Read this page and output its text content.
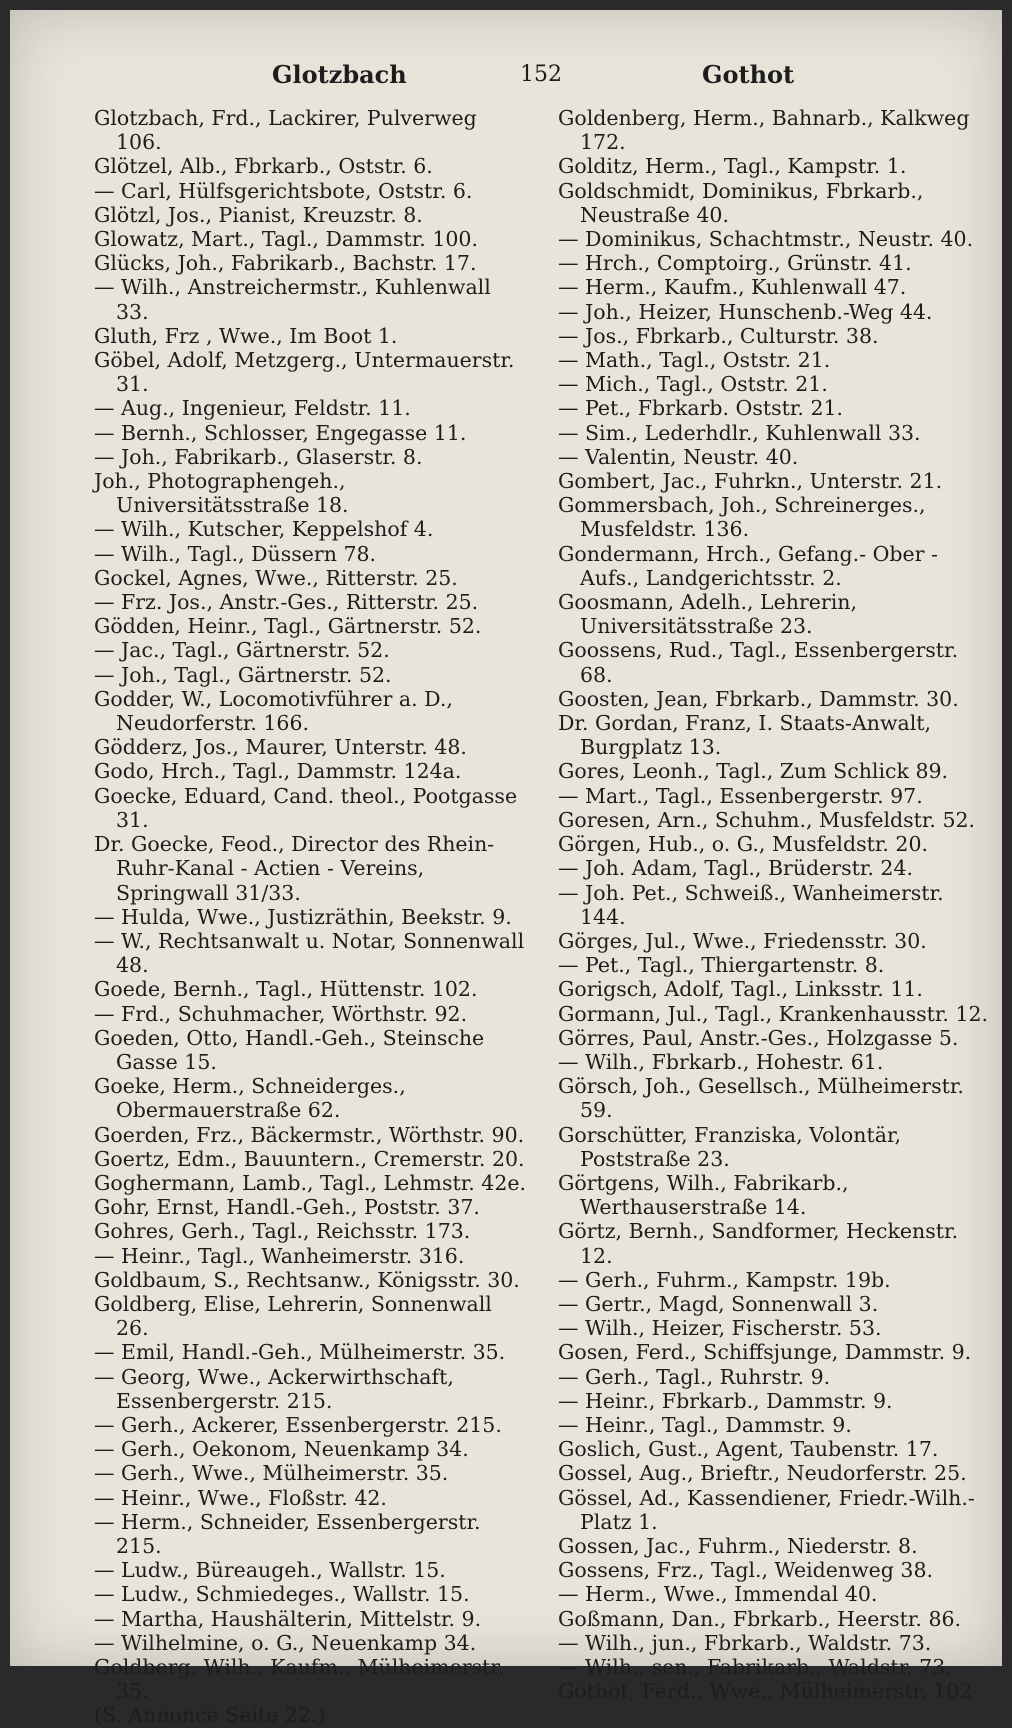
Glotzbach	152	Gothot

Glotzbach, Frd., Lackirer, Pulverweg 106.

Glötzel, Alb., Fbrkarb., Oststr. 6.

— Carl, Hülfsgerichtsbote, Oststr. 6.

Glötzl, Jos., Pianist, Kreuzstr. 8.

Glowatz, Mart., Tagl., Dammstr. 100.

Glücks, Joh., Fabrikarb., Bachstr. 17.

— Wilh., Anstreichermstr., Kuhlenwall 33.

Gluth, Frz , Wwe., Im Boot 1.

Göbel, Adolf, Metzgerg., Untermauerstr. 31.

— Aug., Ingenieur, Feldstr. 11.

— Bernh., Schlosser, Engegasse 11.

— Joh., Fabrikarb., Glaserstr. 8.

Joh., Photographengeh., Universitätsstraße 18.

— Wilh., Kutscher, Keppelshof 4.

— Wilh., Tagl., Düssern 78.

Gockel, Agnes, Wwe., Ritterstr. 25.

— Frz. Jos., Anstr.-Ges., Ritterstr. 25.

Gödden, Heinr., Tagl., Gärtnerstr. 52.

— Jac., Tagl., Gärtnerstr. 52.

— Joh., Tagl., Gärtnerstr. 52.

Godder, W., Locomotivführer a. D., Neudorferstr. 166.

Gödderz, Jos., Maurer, Unterstr. 48.

Godo, Hrch., Tagl., Dammstr. 124a.

Goecke, Eduard, Cand. theol., Pootgasse 31.

Dr. Goecke, Feod., Director des Rhein-Ruhr-Kanal - Actien - Vereins, Springwall 31/33.

— Hulda, Wwe., Justizräthin, Beekstr. 9.

— W., Rechtsanwalt u. Notar, Sonnenwall 48.

Goede, Bernh., Tagl., Hüttenstr. 102.

— Frd., Schuhmacher, Wörthstr. 92.

Goeden, Otto, Handl.-Geh., Steinsche Gasse 15.

Goeke, Herm., Schneiderges., Obermauerstraße 62.

Goerden, Frz., Bäckermstr., Wörthstr. 90.

Goertz, Edm., Bauuntern., Cremerstr. 20.

Goghermann, Lamb., Tagl., Lehmstr. 42e.

Gohr, Ernst, Handl.-Geh., Poststr. 37.

Gohres, Gerh., Tagl., Reichsstr. 173.

— Heinr., Tagl., Wanheimerstr. 316.

Goldbaum, S., Rechtsanw., Königsstr. 30.

Goldberg, Elise, Lehrerin, Sonnenwall 26.

— Emil, Handl.-Geh., Mülheimerstr. 35.

— Georg, Wwe., Ackerwirthschaft, Essenbergerstr. 215.

— Gerh., Ackerer, Essenbergerstr. 215.

— Gerh., Oekonom, Neuenkamp 34.

— Gerh., Wwe., Mülheimerstr. 35.

— Heinr., Wwe., Floßstr. 42.

— Herm., Schneider, Essenbergerstr. 215.

— Ludw., Büreaugeh., Wallstr. 15.

— Ludw., Schmiedeges., Wallstr. 15.

— Martha, Haushälterin, Mittelstr. 9.

— Wilhelmine, o. G., Neuenkamp 34.

Goldberg, Wilh., Kaufm., Mülheimerstr. 35.

(S. Annonce Seite 22.)

Goldenberg, Herm., Bahnarb., Kalkweg 172.

Golditz, Herm., Tagl., Kampstr. 1.

Goldschmidt, Dominikus, Fbrkarb., Neustraße 40.

— Dominikus, Schachtmstr., Neustr. 40.

— Hrch., Comptoirg., Grünstr. 41.

— Herm., Kaufm., Kuhlenwall 47.

— Joh., Heizer, Hunschenb.-Weg 44.

— Jos., Fbrkarb., Culturstr. 38.

— Math., Tagl., Oststr. 21.

— Mich., Tagl., Oststr. 21.

— Pet., Fbrkarb. Oststr. 21.

— Sim., Lederhdlr., Kuhlenwall 33.

— Valentin, Neustr. 40.

Gombert, Jac., Fuhrkn., Unterstr. 21.

Gommersbach, Joh., Schreinerges., Musfeldstr. 136.

Gondermann, Hrch., Gefang.- Ober - Aufs., Landgerichtsstr. 2.

Goosmann, Adelh., Lehrerin, Universitätsstraße 23.

Goossens, Rud., Tagl., Essenbergerstr. 68.

Goosten, Jean, Fbrkarb., Dammstr. 30.

Dr. Gordan, Franz, I. Staats-Anwalt, Burgplatz 13.

Gores, Leonh., Tagl., Zum Schlick 89.

— Mart., Tagl., Essenbergerstr. 97.

Goresen, Arn., Schuhm., Musfeldstr. 52.

Görgen, Hub., o. G., Musfeldstr. 20.

— Joh. Adam, Tagl., Brüderstr. 24.

— Joh. Pet., Schweiß., Wanheimerstr. 144.

Görges, Jul., Wwe., Friedensstr. 30.

— Pet., Tagl., Thiergartenstr. 8.

Gorigsch, Adolf, Tagl., Linksstr. 11.

Gormann, Jul., Tagl., Krankenhausstr. 12.

Görres, Paul, Anstr.-Ges., Holzgasse 5.

— Wilh., Fbrkarb., Hohestr. 61.

Görsch, Joh., Gesellsch., Mülheimerstr. 59.

Gorschütter, Franziska, Volontär, Poststraße 23.

Görtgens, Wilh., Fabrikarb., Werthauserstraße 14.

Görtz, Bernh., Sandformer, Heckenstr. 12.

— Gerh., Fuhrm., Kampstr. 19b.

— Gertr., Magd, Sonnenwall 3.

— Wilh., Heizer, Fischerstr. 53.

Gosen, Ferd., Schiffsjunge, Dammstr. 9.

— Gerh., Tagl., Ruhrstr. 9.

— Heinr., Fbrkarb., Dammstr. 9.

— Heinr., Tagl., Dammstr. 9.

Goslich, Gust., Agent, Taubenstr. 17.

Gossel, Aug., Brieftr., Neudorferstr. 25.

Gössel, Ad., Kassendiener, Friedr.-Wilh.-Platz 1.

Gossen, Jac., Fuhrm., Niederstr. 8.

Gossens, Frz., Tagl., Weidenweg 38.

— Herm., Wwe., Immendal 40.

Goßmann, Dan., Fbrkarb., Heerstr. 86.

— Wilh., jun., Fbrkarb., Waldstr. 73.

— Wilh., sen., Fabrikarb., Waldstr. 73.

Gothot, Ferd., Wwe., Mülheimerstr. 102
